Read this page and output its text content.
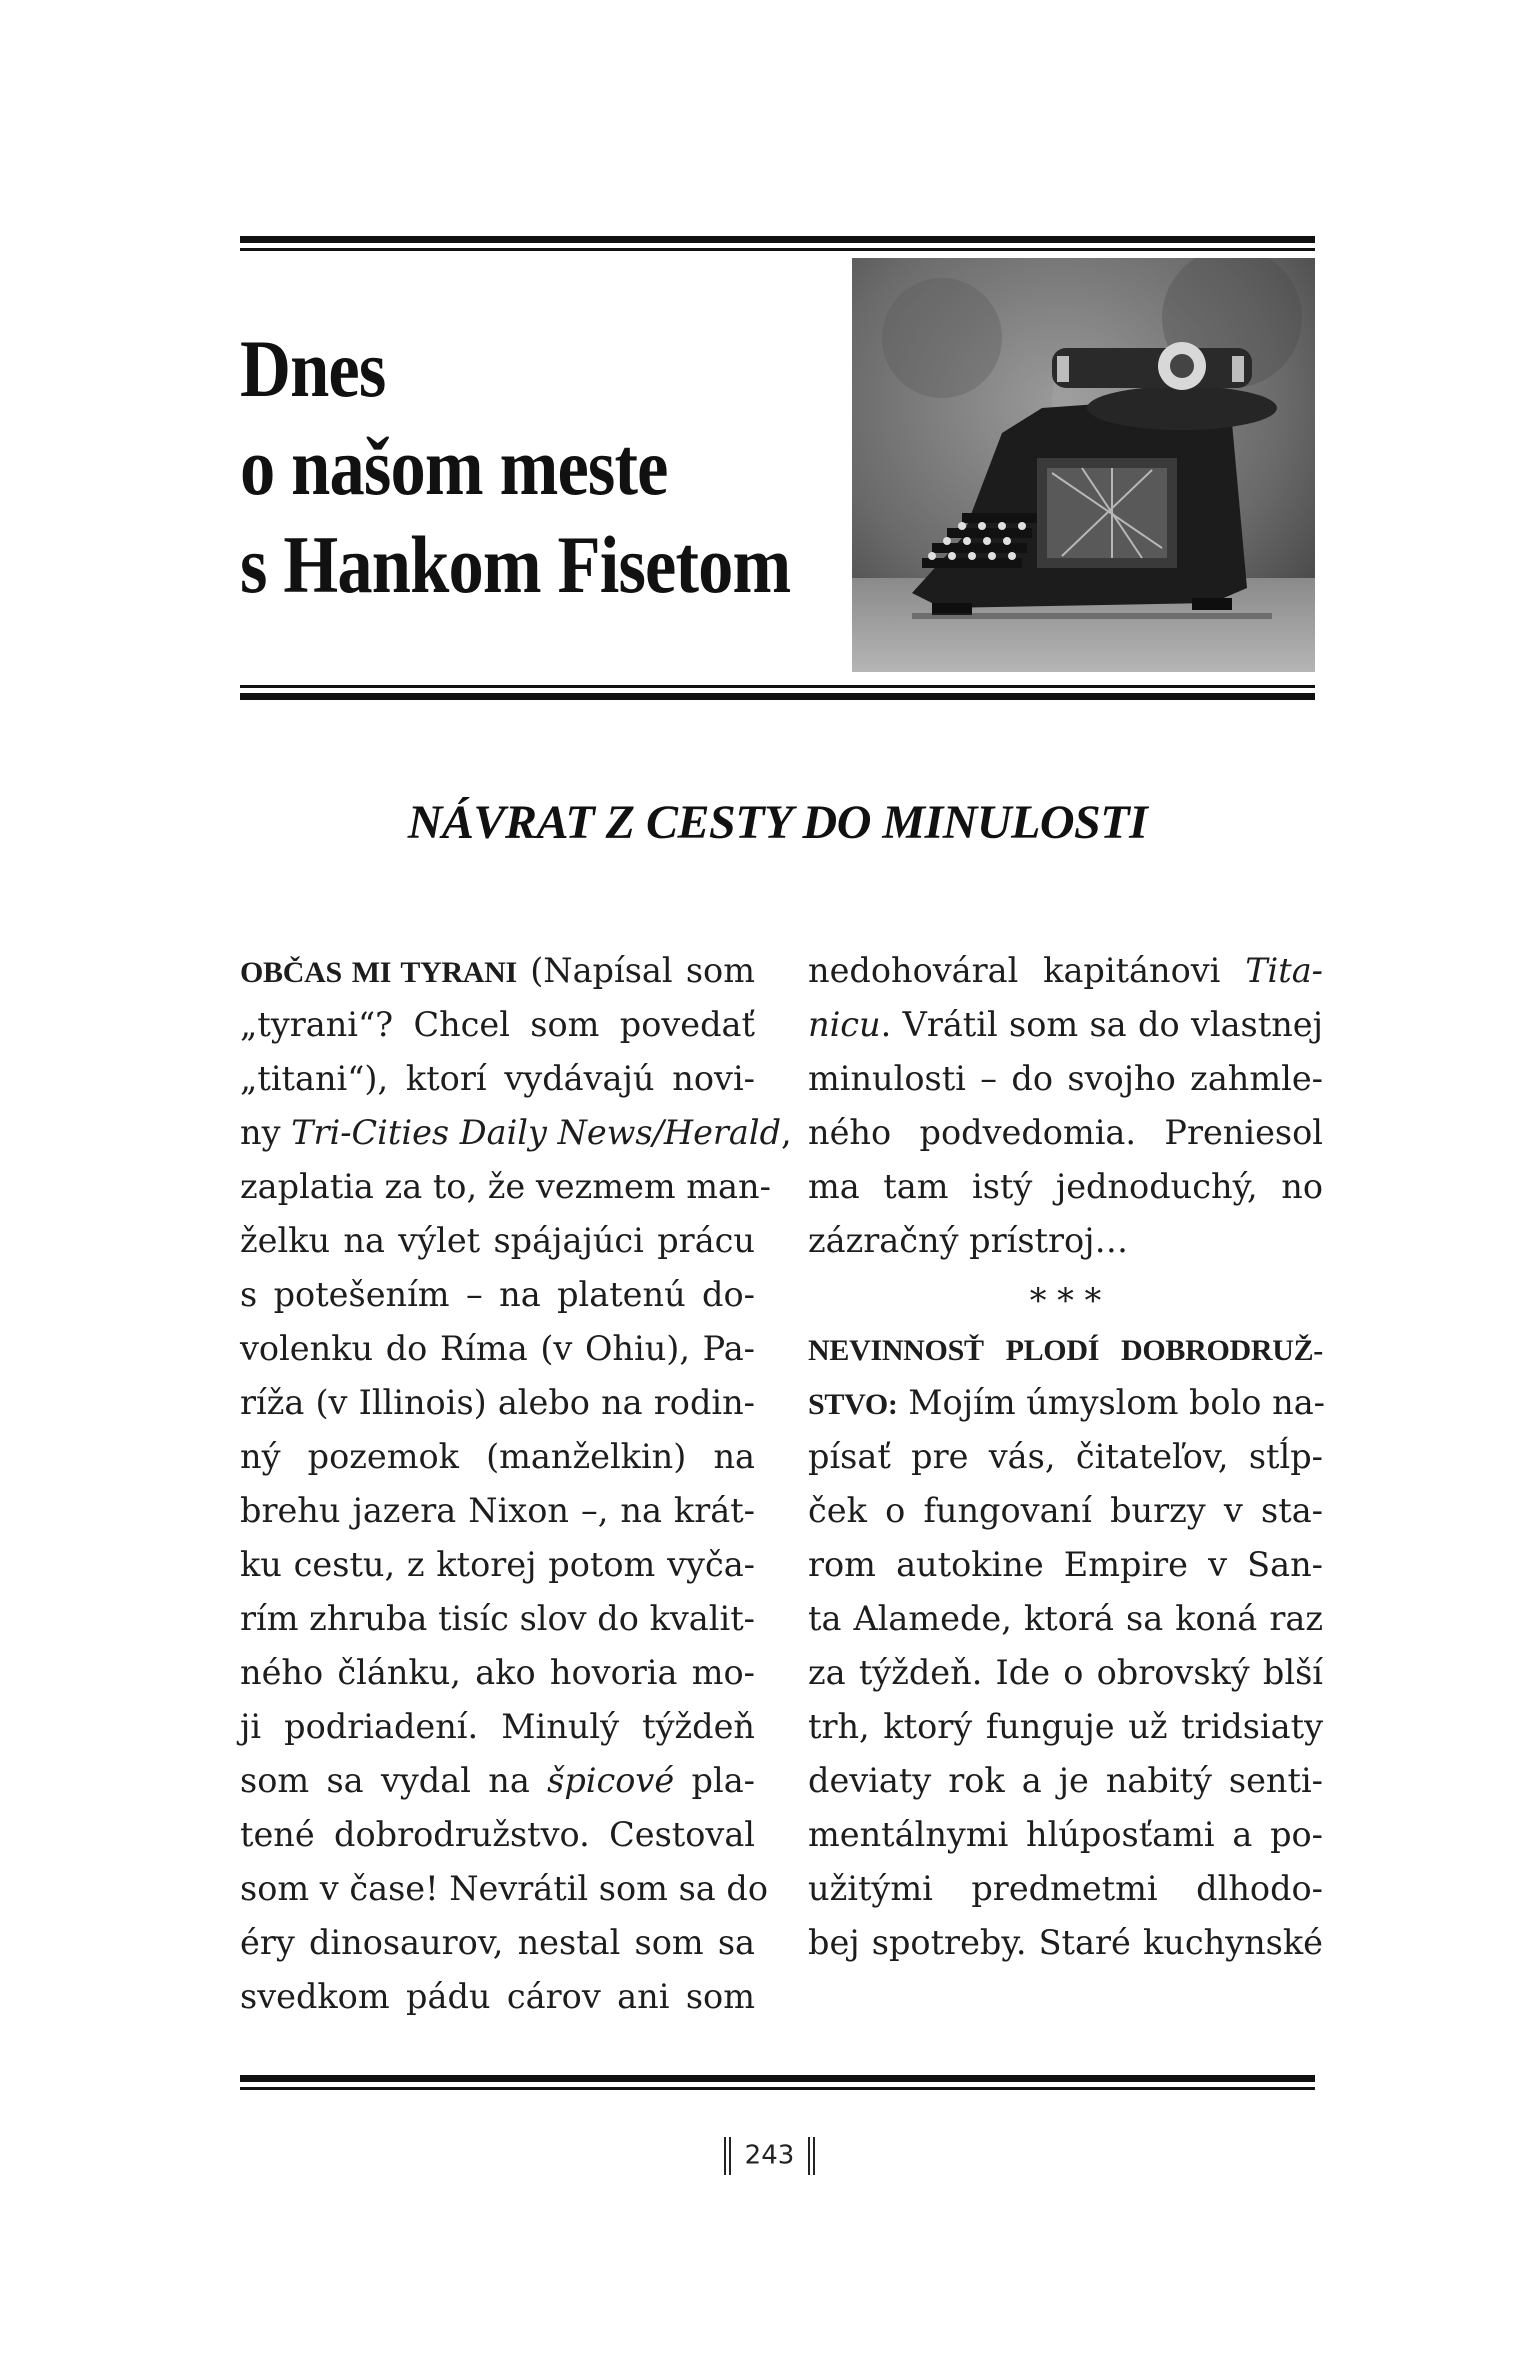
Dnes
o našom meste
s Hankom Fisetom
NÁVRAT Z CESTY DO MINULOSTI
OBČAS MI TYRANI (Napísal som
„tyrani“? Chcel som povedať
„titani“), ktorí vydávajú novi-
ny Tri-Cities Daily News/Herald,
zaplatia za to, že vezmem man-
želku na výlet spájajúci prácu
s potešením – na platenú do-
volenku do Ríma (v Ohiu), Pa-
ríža (v Illinois) alebo na rodin-
ný pozemok (manželkin) na
brehu jazera Nixon –, na krát-
ku cestu, z ktorej potom vyča-
rím zhruba tisíc slov do kvalit-
ného článku, ako hovoria mo-
ji podriadení. Minulý týždeň
som sa vydal na špicové pla-
tené dobrodružstvo. Cestoval
som v čase! Nevrátil som sa do
éry dinosaurov, nestal som sa
svedkom pádu cárov ani som
nedohováral kapitánovi Tita-
nicu. Vrátil som sa do vlastnej
minulosti – do svojho zahmle-
ného podvedomia. Preniesol
ma tam istý jednoduchý, no
zázračný prístroj…
* * *
NEVINNOSŤ PLODÍ DOBRODRUŽ-
STVO: Mojím úmyslom bolo na-
písať pre vás, čitateľov, stĺp-
ček o fungovaní burzy v sta-
rom autokine Empire v San-
ta Alamede, ktorá sa koná raz
za týždeň. Ide o obrovský blší
trh, ktorý funguje už tridsiaty
deviaty rok a je nabitý senti-
mentálnymi hlúposťami a po-
užitými predmetmi dlhodo-
bej spotreby. Staré kuchynské
243
